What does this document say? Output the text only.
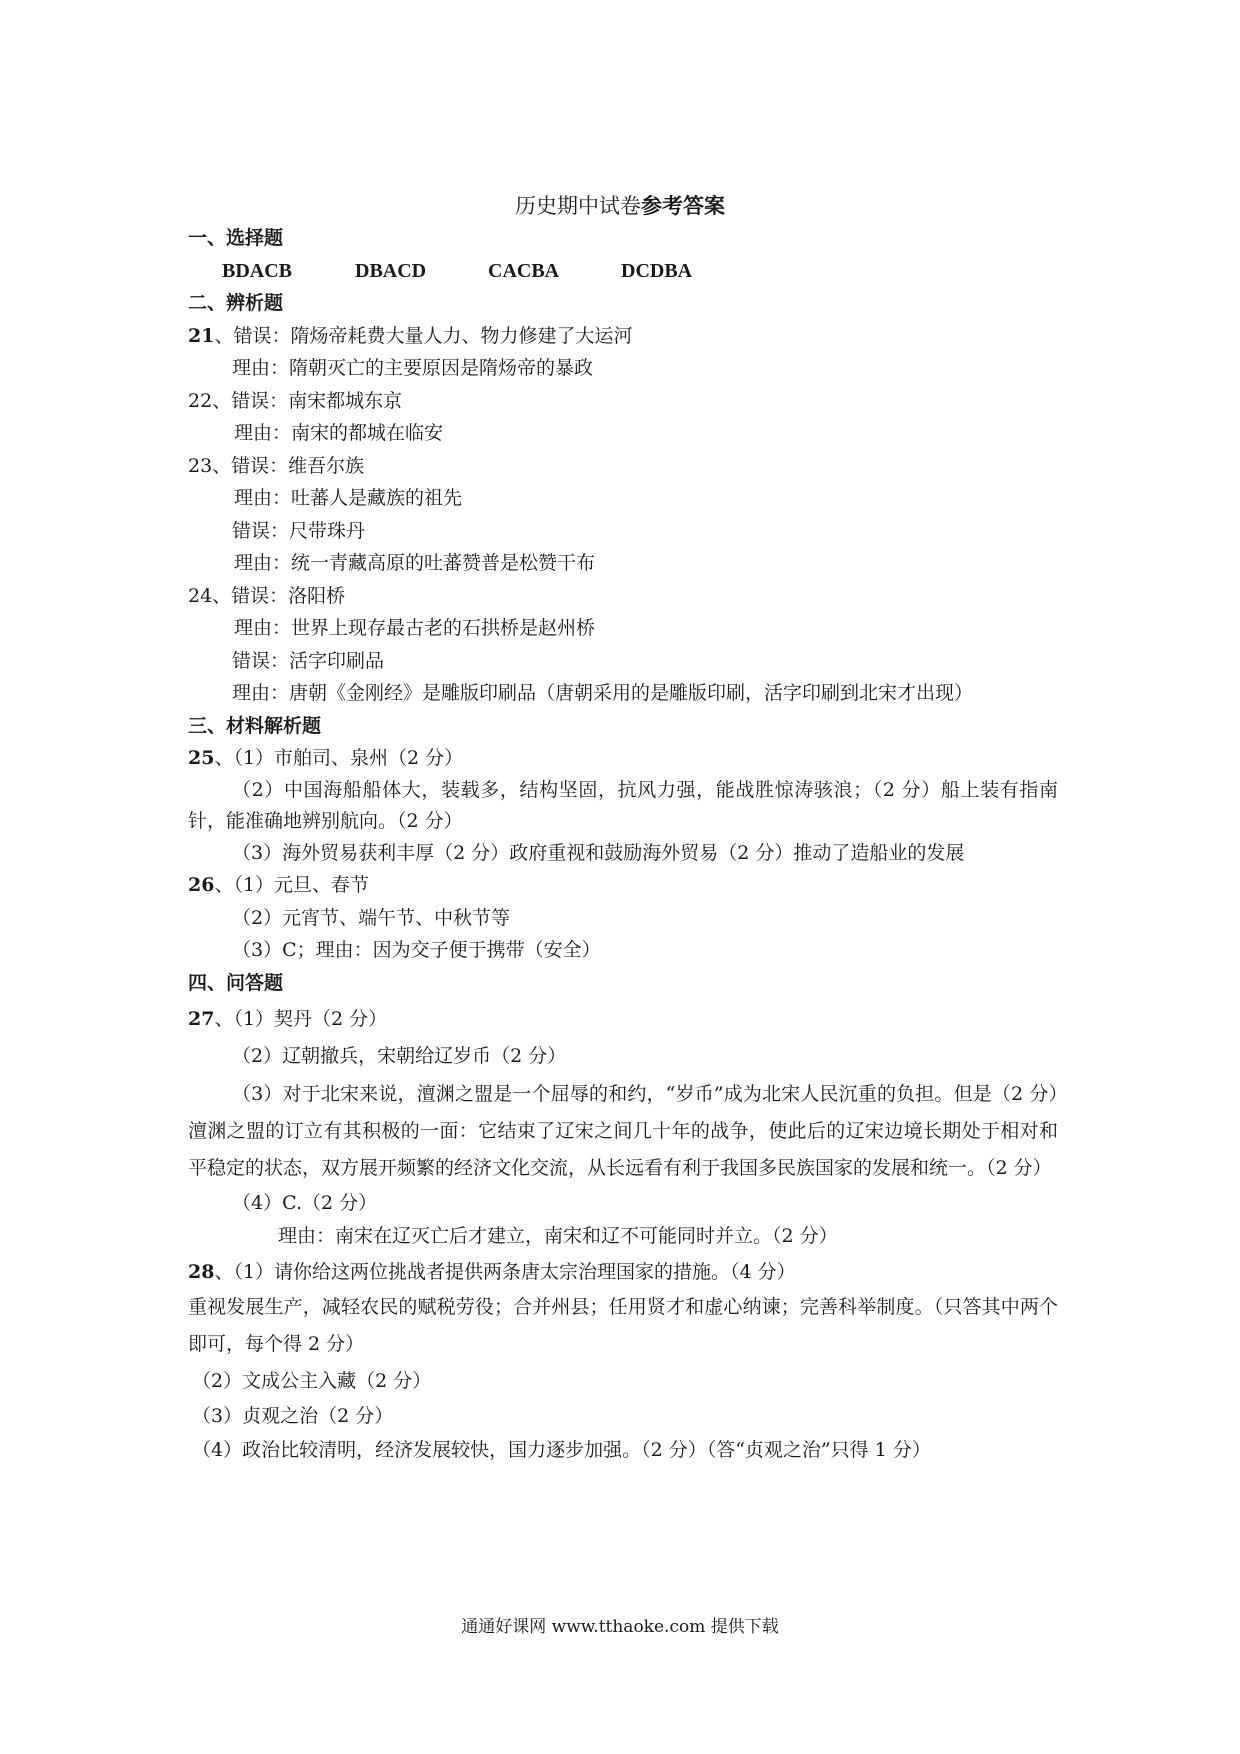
历史期中试卷参考答案
一、选择题
BDACB	DBACD	CACBA	DCDBA
二、辨析题
21、错误：隋炀帝耗费大量人力、物力修建了大运河
理由：隋朝灭亡的主要原因是隋炀帝的暴政
22、错误：南宋都城东京
理由：南宋的都城在临安
23、错误：维吾尔族
理由：吐蕃人是藏族的祖先
错误：尺带珠丹
理由：统一青藏高原的吐蕃赞普是松赞干布
24、错误：洛阳桥
理由：世界上现存最古老的石拱桥是赵州桥
错误：活字印刷品
理由：唐朝《金刚经》是雕版印刷品（唐朝采用的是雕版印刷，活字印刷到北宋才出现）
三、材料解析题
25、（1）市舶司、泉州（2 分）
（2）中国海船船体大，装载多，结构坚固，抗风力强，能战胜惊涛骇浪；（2 分）船上装有指南针，能准确地辨别航向。（2 分）
（3）海外贸易获利丰厚（2 分）政府重视和鼓励海外贸易（2 分）推动了造船业的发展
26、（1）元旦、春节
（2）元宵节、端午节、中秋节等
（3）C；理由：因为交子便于携带（安全）
四、问答题
27、（1）契丹（2 分）
（2）辽朝撤兵，宋朝给辽岁币（2 分）
（3）对于北宋来说，澶渊之盟是一个屈辱的和约，“岁币”成为北宋人民沉重的负担。但是（2 分）澶渊之盟的订立有其积极的一面：它结束了辽宋之间几十年的战争，使此后的辽宋边境长期处于相对和平稳定的状态，双方展开频繁的经济文化交流，从长远看有利于我国多民族国家的发展和统一。（2 分）
（4）C.（2 分）
理由：南宋在辽灭亡后才建立，南宋和辽不可能同时并立。（2 分）
28、（1）请你给这两位挑战者提供两条唐太宗治理国家的措施。（4 分）
重视发展生产，减轻农民的赋税劳役；合并州县；任用贤才和虚心纳谏；完善科举制度。（只答其中两个即可，每个得 2 分）
（2）文成公主入藏（2 分）
（3）贞观之治（2 分）
（4）政治比较清明，经济发展较快，国力逐步加强。（2 分）（答“贞观之治”只得 1 分）
通通好课网 www.tthaoke.com 提供下载
